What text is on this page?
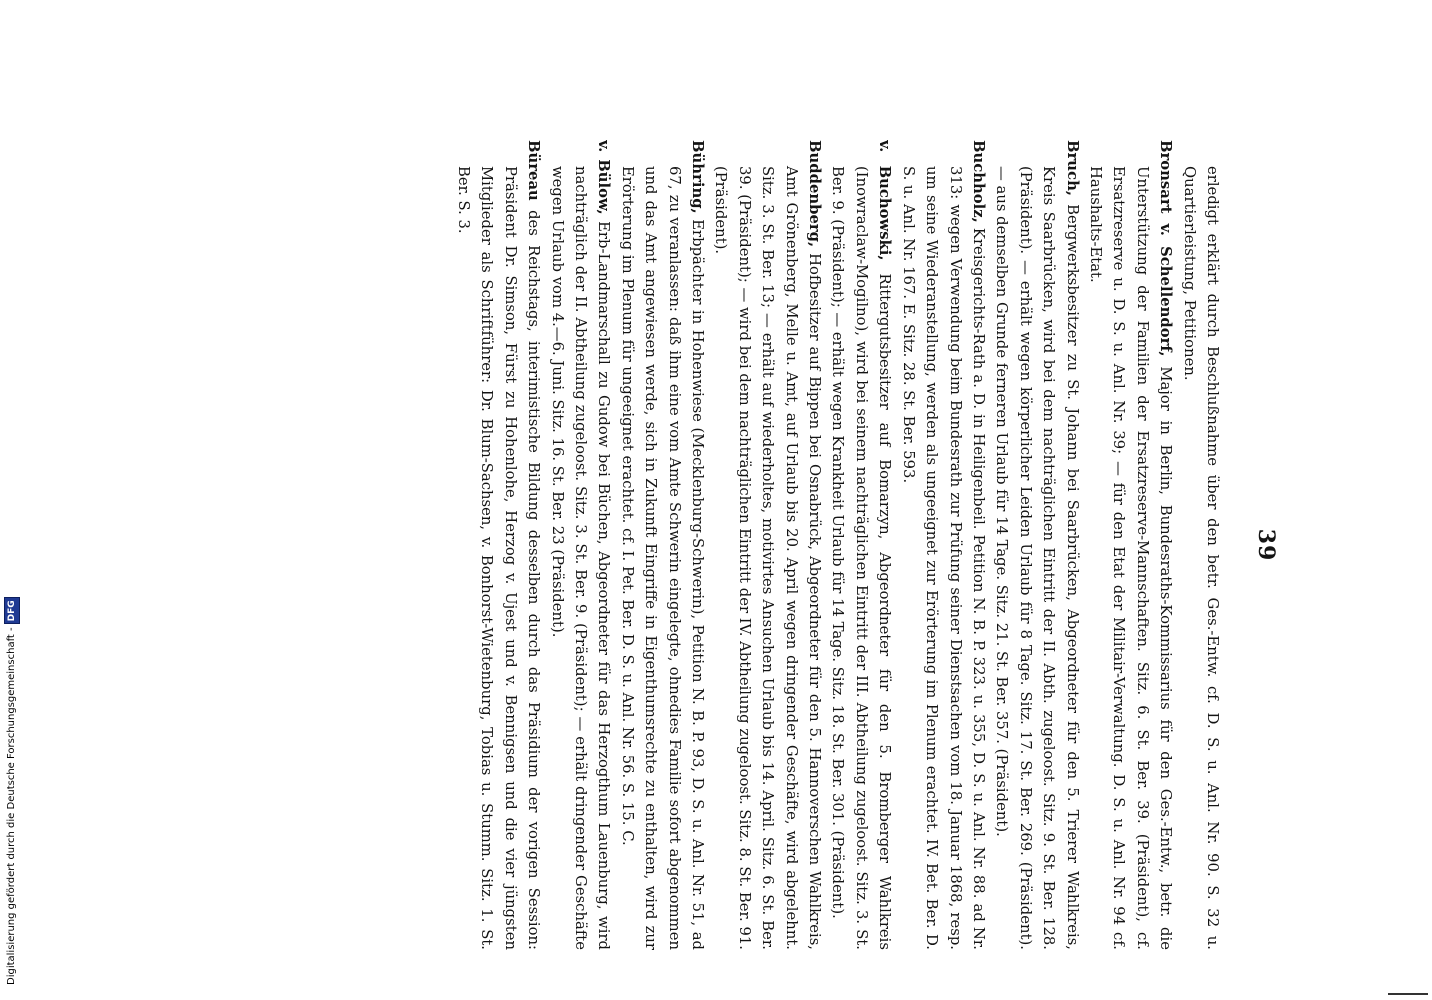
39

erledigt erklärt durch Beschlußnahme über den betr. Ges.-Entw. cf. D. S. u. Anl. Nr. 90. S. 32 u. Quartierleistung, Petitionen.

Bronsart v. Schellendorf, Major in Berlin, Bundesraths-Kommissarius für den Ges.-Entw., betr. die Unterstützung der Familien der Ersatzreserve-Mannschaften. Sitz. 6. St. Ber. 39. (Präsident), cf. Ersatzreserve u. D. S. u. Anl. Nr. 39; — für den Etat der Militair-Verwaltung. D. S. u. Anl. Nr. 94 cf. Haushalts-Etat.

Bruch, Bergwerksbesitzer zu St. Johann bei Saarbrücken, Abgeordneter für den 5. Trierer Wahlkreis, Kreis Saarbrücken, wird bei dem nachträglichen Eintritt der II. Abth. zugeloost. Sitz. 9. St. Ber. 128. (Präsident). — erhält wegen körperlicher Leiden Urlaub für 8 Tage. Sitz. 17. St. Ber. 269. (Präsident). — aus demselben Grunde ferneren Urlaub für 14 Tage. Sitz. 21. St. Ber. 357. (Präsident).

Buchholz, Kreisgerichts-Rath a. D. in Heiligenbeil. Petition N. B. P. 323. u. 355, D. S. u. Anl. Nr. 88. ad Nr. 313: wegen Verwendung beim Bundesrath zur Prüfung seiner Dienstsachen vom 18. Januar 1868, resp. um seine Wiederanstellung, werden als ungeeignet zur Erörterung im Plenum erachtet. IV. Bet. Ber. D. S. u. Anl. Nr. 167. E. Sitz. 28. St. Ber. 593.

v. Buchowski, Rittergutsbesitzer auf Bomarzyn, Abgeordneter für den 5. Bromberger Wahlkreis (Inowraclaw-Mogilno), wird bei seinem nachträglichen Eintritt der III. Abtheilung zugeloost. Sitz. 3. St. Ber. 9. (Präsident); — erhält wegen Krankheit Urlaub für 14 Tage. Sitz. 18. St. Ber. 301. (Präsident).

Buddenberg, Hofbesitzer auf Bippen bei Osnabrück, Abgeordneter für den 5. Hannoverschen Wahlkreis, Amt Grönenberg, Melle u. Amt, auf Urlaub bis 20. April wegen dringender Geschäfte, wird abgelehnt. Sitz. 3. St. Ber. 13; — erhält auf wiederholtes, motivirtes Ansuchen Urlaub bis 14. April. Sitz. 6. St. Ber. 39. (Präsident); — wird bei dem nachträglichen Eintritt der IV. Abtheilung zugeloost. Sitz. 8. St. Ber. 91. (Präsident).

Bühring, Erbpächter in Hohenwiese (Mecklenburg-Schwerin), Petition N. B. P. 93, D. S. u. Anl. Nr. 51, ad 67, zu veranlassen: daß ihm eine vom Amte Schwerin eingelegte, ohnedies Familie sofort abgenommen und das Amt angewiesen werde, sich in Zukunft Eingriffe in Eigenthumsrechte zu enthalten, wird zur Erörterung im Plenum für ungeeignet erachtet. cf. I. Pet. Ber. D. S. u. Anl. Nr. 56. S. 15. C.

v. Bülow, Erb-Landmarschall zu Gudow bei Büchen, Abgeordneter für das Herzogthum Lauenburg, wird nachträglich der II. Abtheilung zugeloost. Sitz. 3. St. Ber. 9. (Präsident); — erhält dringender Geschäfte wegen Urlaub vom 4.—6. Juni. Sitz. 16. St. Ber. 23 (Präsident).

Büreau des Reichstags, interimistische Bildung desselben durch das Präsidium der vorigen Session: Präsident Dr. Simson, Fürst zu Hohenlohe, Herzog v. Ujest und v. Bennigsen und die vier jüngsten Mitglieder als Schriftführer: Dr. Blum-Sachsen, v. Bonhorst-Wietenburg, Tobias u. Stumm. Sitz. 1. St. Ber. S. 3.

Digitalisierung gefördert durch die Deutsche Forschungsgemeinschaft -DFG
